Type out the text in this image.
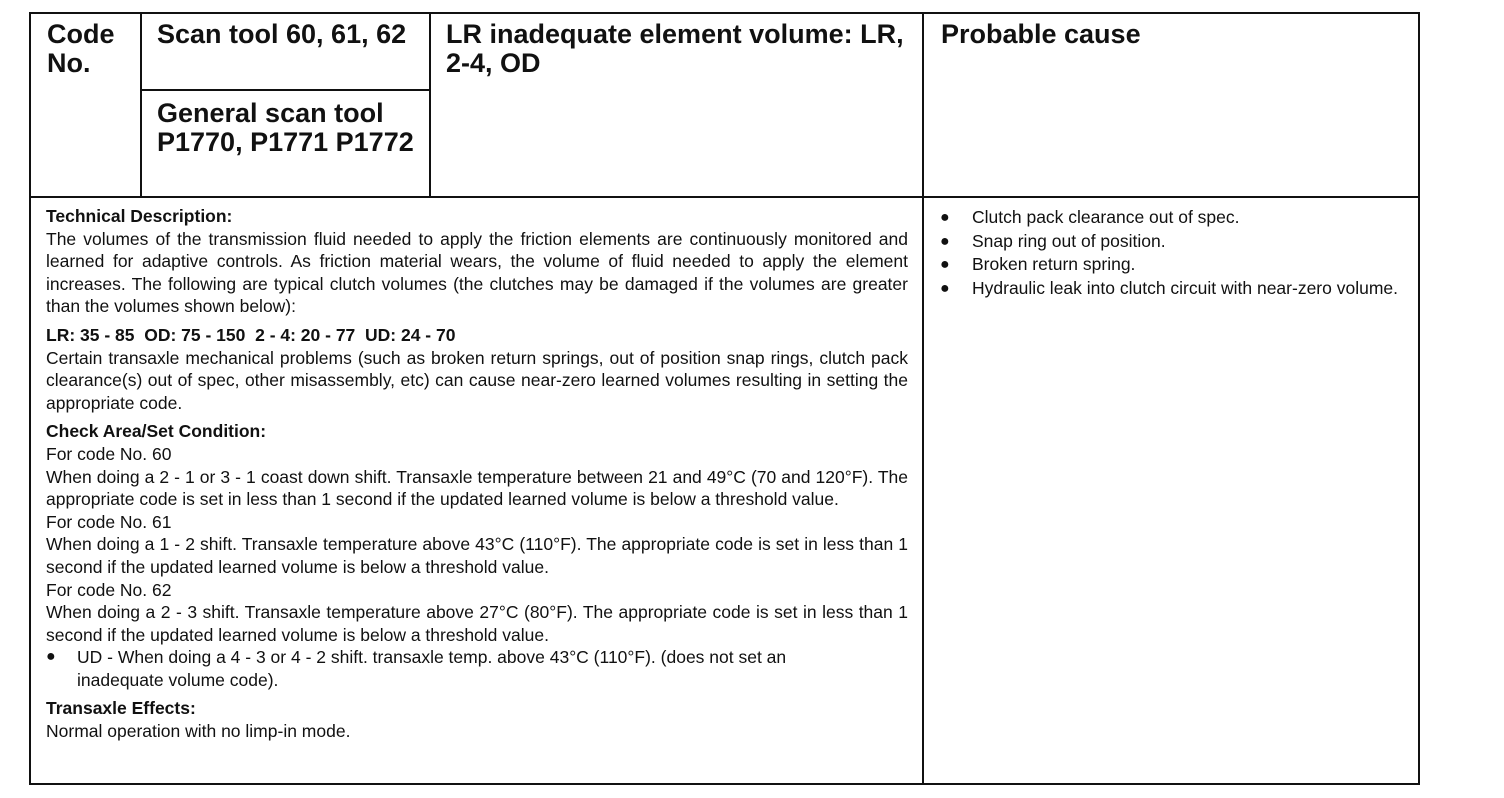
Code No.
Scan tool 60, 61, 62
General scan tool P1770, P1771 P1772
LR inadequate element volume: LR, 2-4, OD
Probable cause

Technical Description:

The volumes of the transmission fluid needed to apply the friction elements are continuously monitored and learned for adaptive controls. As friction material wears, the volume of fluid needed to apply the element increases. The following are typical clutch volumes (the clutches may be damaged if the volumes are greater than the volumes shown below):

LR: 35 - 85  OD: 75 - 150  2 - 4: 20 - 77  UD: 24 - 70

Certain transaxle mechanical problems (such as broken return springs, out of position snap rings, clutch pack clearance(s) out of spec, other misassembly, etc) can cause near-zero learned volumes resulting in setting the appropriate code.

Check Area/Set Condition:

For code No. 60

When doing a 2 - 1 or 3 - 1 coast down shift. Transaxle temperature between 21 and 49°C (70 and 120°F). The appropriate code is set in less than 1 second if the updated learned volume is below a threshold value.

For code No. 61

When doing a 1 - 2 shift. Transaxle temperature above 43°C (110°F). The appropriate code is set in less than 1 second if the updated learned volume is below a threshold value.

For code No. 62

When doing a 2 - 3 shift. Transaxle temperature above 27°C (80°F). The appropriate code is set in less than 1 second if the updated learned volume is below a threshold value.

● UD - When doing a 4 - 3 or 4 - 2 shift. transaxle temp. above 43°C (110°F). (does not set an inadequate volume code).

Transaxle Effects:

Normal operation with no limp-in mode.

● Clutch pack clearance out of spec.
● Snap ring out of position.
● Broken return spring.
● Hydraulic leak into clutch circuit with near-zero volume.
